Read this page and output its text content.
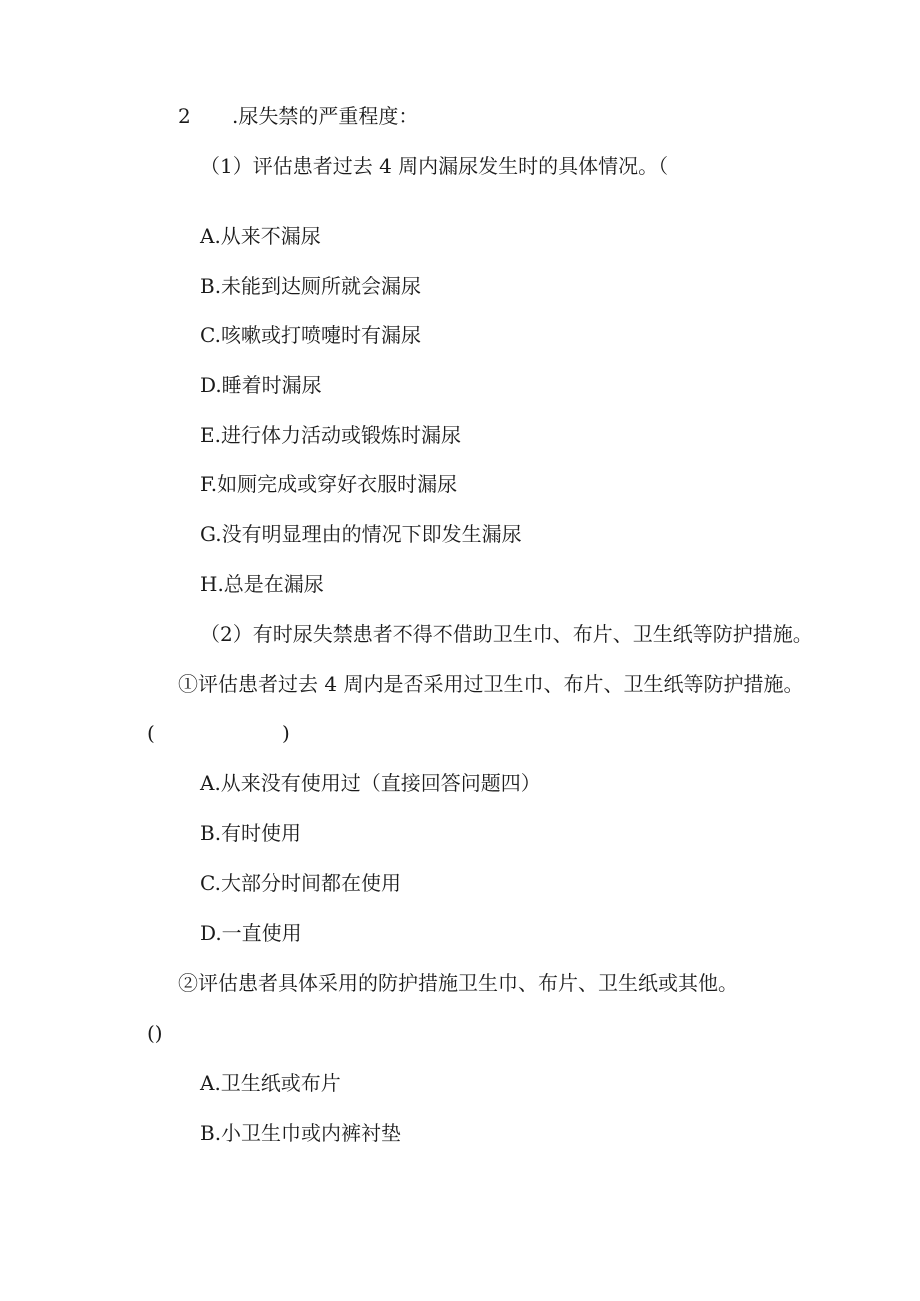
2 .尿失禁的严重程度：
（1）评估患者过去 4 周内漏尿发生时的具体情况。（
A.从来不漏尿
B.未能到达厕所就会漏尿
C.咳嗽或打喷嚏时有漏尿
D.睡着时漏尿
E.进行体力活动或锻炼时漏尿
F.如厕完成或穿好衣服时漏尿
G.没有明显理由的情况下即发生漏尿
H.总是在漏尿
（2）有时尿失禁患者不得不借助卫生巾、布片、卫生纸等防护措施。
①评估患者过去 4 周内是否采用过卫生巾、布片、卫生纸等防护措施。
(                    )
A.从来没有使用过（直接回答问题四）
B.有时使用
C.大部分时间都在使用
D.一直使用
②评估患者具体采用的防护措施卫生巾、布片、卫生纸或其他。
()
A.卫生纸或布片
B.小卫生巾或内裤衬垫
